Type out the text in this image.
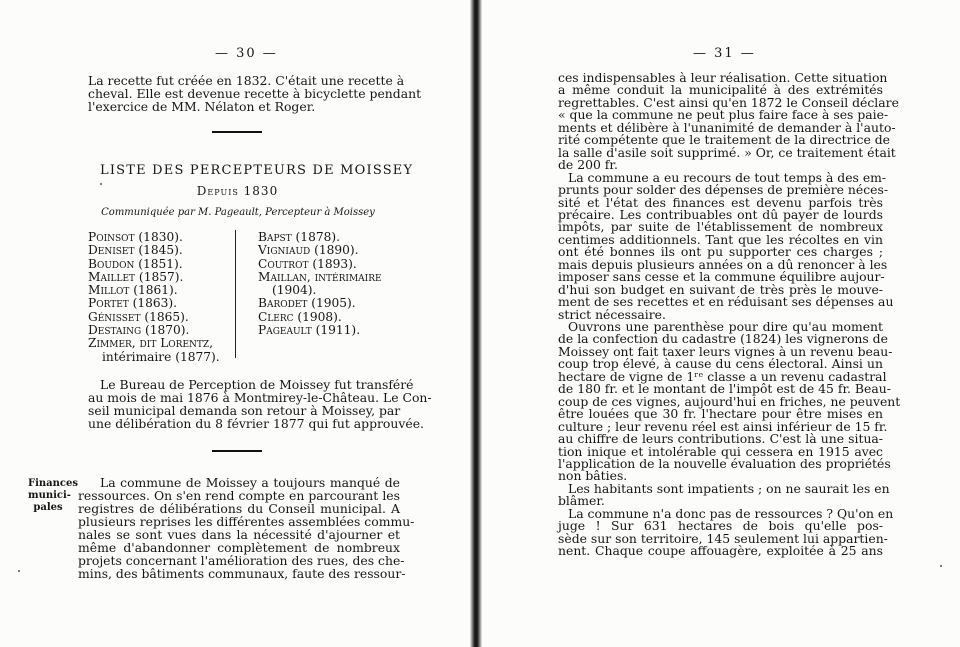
— 30 —
La recette fut créée en 1832. C'était une recette à
cheval. Elle est devenue recette à bicyclette pendant
l'exercice de MM. Nélaton et Roger.
LISTE DES PERCEPTEURS DE MOISSEY
Depuis 1830
Communiquée par M. Pageault, Percepteur à Moissey
Poinsot (1830).
Deniset (1845).
Boudon (1851).
Maillet (1857).
Millot (1861).
Portet (1863).
Génisset (1865).
Destaing (1870).
Zimmer, dit Lorentz,
intérimaire (1877).
Bapst (1878).
Vigniaud (1890).
Coutrot (1893).
Maillan, intérimaire
(1904).
Barodet (1905).
Clerc (1908).
Pageault (1911).
Le Bureau de Perception de Moissey fut transféré
au mois de mai 1876 à Montmirey-le-Château. Le Con-
seil municipal demanda son retour à Moissey, par
une délibération du 8 février 1877 qui fut approuvée.
Finances
munici-
pales
La commune de Moissey a toujours manqué de
ressources. On s'en rend compte en parcourant les
registres de délibérations du Conseil municipal. A
plusieurs reprises les différentes assemblées commu-
nales se sont vues dans la nécessité d'ajourner et
même d'abandonner complètement de nombreux
projets concernant l'amélioration des rues, des che-
mins, des bâtiments communaux, faute des ressour-
— 31 —
ces indispensables à leur réalisation. Cette situation
a même conduit la municipalité à des extrémités
regrettables. C'est ainsi qu'en 1872 le Conseil déclare
« que la commune ne peut plus faire face à ses paie-
ments et délibère à l'unanimité de demander à l'auto-
rité compétente que le traitement de la directrice de
la salle d'asile soit supprimé. » Or, ce traitement était
de 200 fr.
La commune a eu recours de tout temps à des em-
prunts pour solder des dépenses de première néces-
sité et l'état des finances est devenu parfois très
précaire. Les contribuables ont dû payer de lourds
impôts, par suite de l'établissement de nombreux
centimes additionnels. Tant que les récoltes en vin
ont été bonnes ils ont pu supporter ces charges ;
mais depuis plusieurs années on a dû renoncer à les
imposer sans cesse et la commune équilibre aujour-
d'hui son budget en suivant de très près le mouve-
ment de ses recettes et en réduisant ses dépenses au
strict nécessaire.
Ouvrons une parenthèse pour dire qu'au moment
de la confection du cadastre (1824) les vignerons de
Moissey ont fait taxer leurs vignes à un revenu beau-
coup trop élevé, à cause du cens électoral. Ainsi un
hectare de vigne de 1ʳᵉ classe a un revenu cadastral
de 180 fr. et le montant de l'impôt est de 45 fr. Beau-
coup de ces vignes, aujourd'hui en friches, ne peuvent
être louées que 30 fr. l'hectare pour être mises en
culture ; leur revenu réel est ainsi inférieur de 15 fr.
au chiffre de leurs contributions. C'est là une situa-
tion inique et intolérable qui cessera en 1915 avec
l'application de la nouvelle évaluation des propriétés
non bâties.
Les habitants sont impatients ; on ne saurait les en
blâmer.
La commune n'a donc pas de ressources ? Qu'on en
juge ! Sur 631 hectares de bois qu'elle pos-
sède sur son territoire, 145 seulement lui appartien-
nent. Chaque coupe affouagère, exploitée à 25 ans
